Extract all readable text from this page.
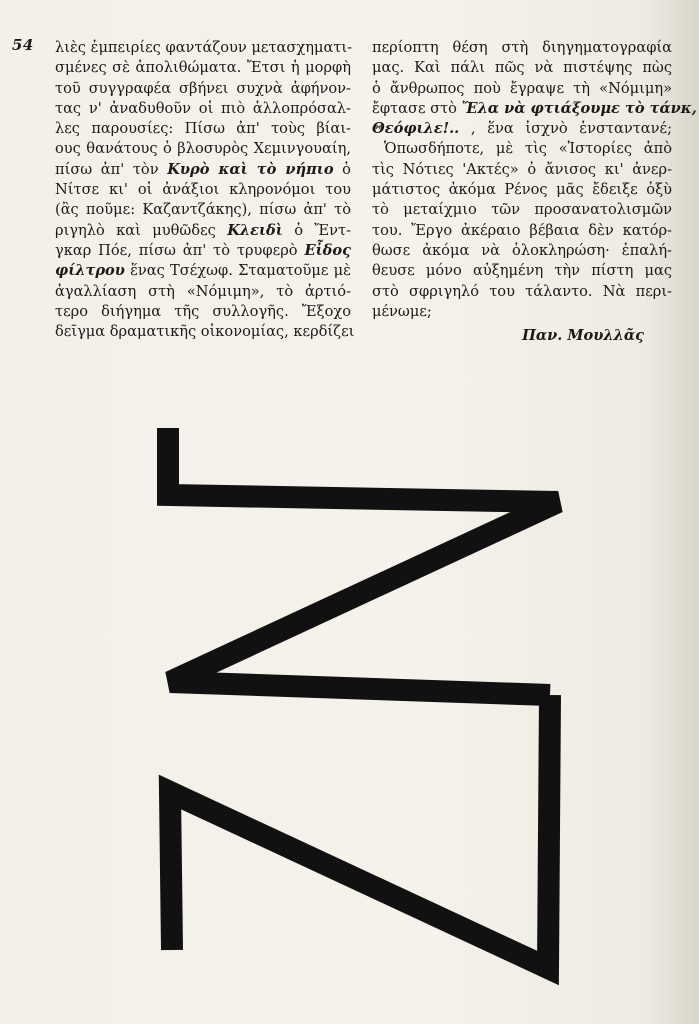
54 λιὲς ἐμπειρίες φαντάζουν μετασχηματι-
σμένες σὲ ἀπολιθώματα. Ἔτσι ἡ μορφὴ
τοῦ συγγραφέα σβήνει συχνὰ ἀφήνον-
τας ν' ἀναδυθοῦν οἱ πιὸ ἀλλοπρόσαλ-
λες παρουσίες: Πίσω ἀπ' τοὺς βίαι-
ους θανάτους ὁ βλοσυρὸς Χεμινγουαίη,
πίσω ἀπ' τὸν Κυρὸ καὶ τὸ νήπιο ὁ
Νίτσε κι' οἱ ἀνάξιοι κληρονόμοι του
(ἂς ποῦμε: Καζαντζάκης), πίσω ἀπ' τὸ
ριγηλὸ καὶ μυθῶδες Κλειδὶ ὁ Ἔντ-
γκαρ Πόε, πίσω ἀπ' τὸ τρυφερὸ Εἶδος
φίλτρου ἕνας Τσέχωφ. Σταματοῦμε μὲ
ἀγαλλίαση στὴ «Νόμιμη», τὸ ἀρτιό-
τερο διήγημα τῆς συλλογῆς. Ἔξοχο
δεῖγμα δραματικῆς οἰκονομίας, κερδίζει
περίοπτη θέση στὴ διηγηματογραφία
μας. Καὶ πάλι πῶς νὰ πιστέψης πὼς
ὁ ἄνθρωπος ποὺ ἔγραψε τὴ «Νόμιμη»
ἔφτασε στὸ Ἔλα νὰ φτιάξουμε τὸ τάνκ,
Θεόφιλε!.. , ἕνα ἰσχνὸ ἐνσταντανέ;
Ὁπωσδήποτε, μὲ τὶς «Ἱστορίες ἀπὸ
τὶς Νότιες 'Ακτές» ὁ ἄνισος κι' ἀνερ-
μάτιστος ἀκόμα Ρένος μᾶς ἔδειξε ὀξὺ
τὸ μεταίχμιο τῶν προσανατολισμῶν
του. Ἔργο ἀκέραιο βέβαια δὲν κατόρ-
θωσε ἀκόμα νὰ ὁλοκληρώση· ἐπαλή-
θευσε μόνο αὐξημένη τὴν πίστη μας
στὸ σφριγηλό του τάλαντο. Νὰ περι-
μένωμε;
Παν. Μουλλᾶς
